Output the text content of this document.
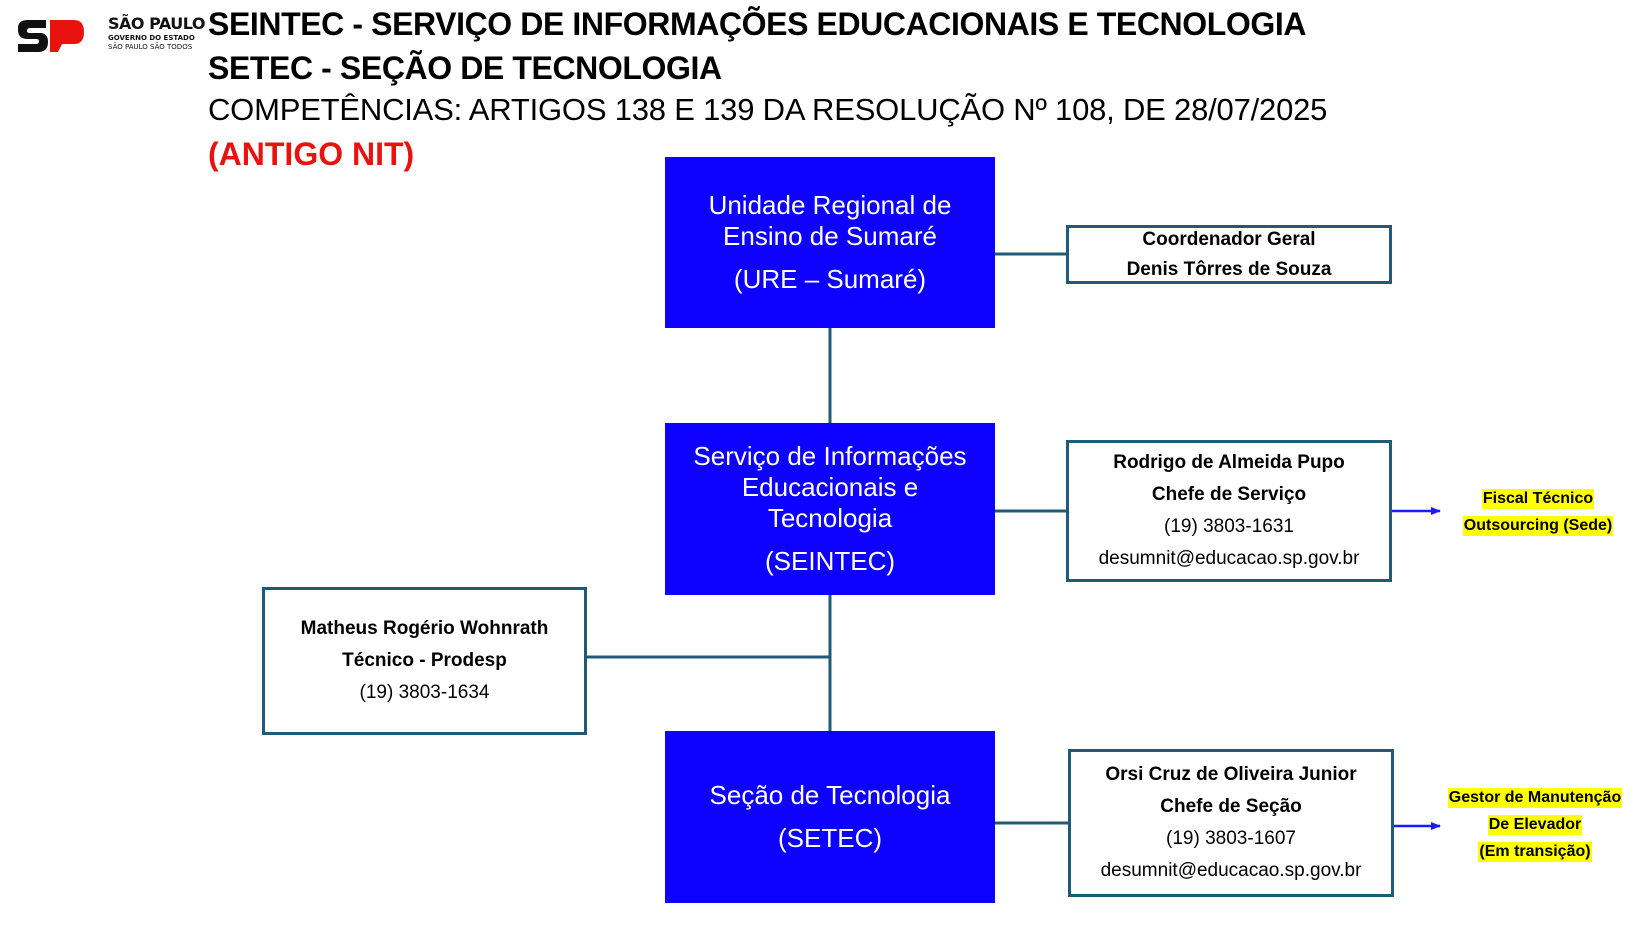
SÃO PAULO
GOVERNO DO ESTADO
SÃO PAULO SÃO TODOS
SEINTEC - SERVIÇO DE INFORMAÇÕES EDUCACIONAIS E TECNOLOGIA
SETEC - SEÇÃO DE TECNOLOGIA
COMPETÊNCIAS: ARTIGOS 138 E 139 DA RESOLUÇÃO Nº 108, DE 28/07/2025
(ANTIGO NIT)
Unidade Regional de
Ensino de Sumaré
(URE – Sumaré)
Serviço de Informações
Educacionais e
Tecnologia
(SEINTEC)
Seção de Tecnologia
(SETEC)
Coordenador Geral
Denis Tôrres de Souza
Rodrigo de Almeida Pupo
Chefe de Serviço
(19) 3803-1631
desumnit@educacao.sp.gov.br
Matheus Rogério Wohnrath
Técnico - Prodesp
(19) 3803-1634
Orsi Cruz de Oliveira Junior
Chefe de Seção
(19) 3803-1607
desumnit@educacao.sp.gov.br
Fiscal Técnico
Outsourcing (Sede)
Gestor de Manutenção
De Elevador
(Em transição)
